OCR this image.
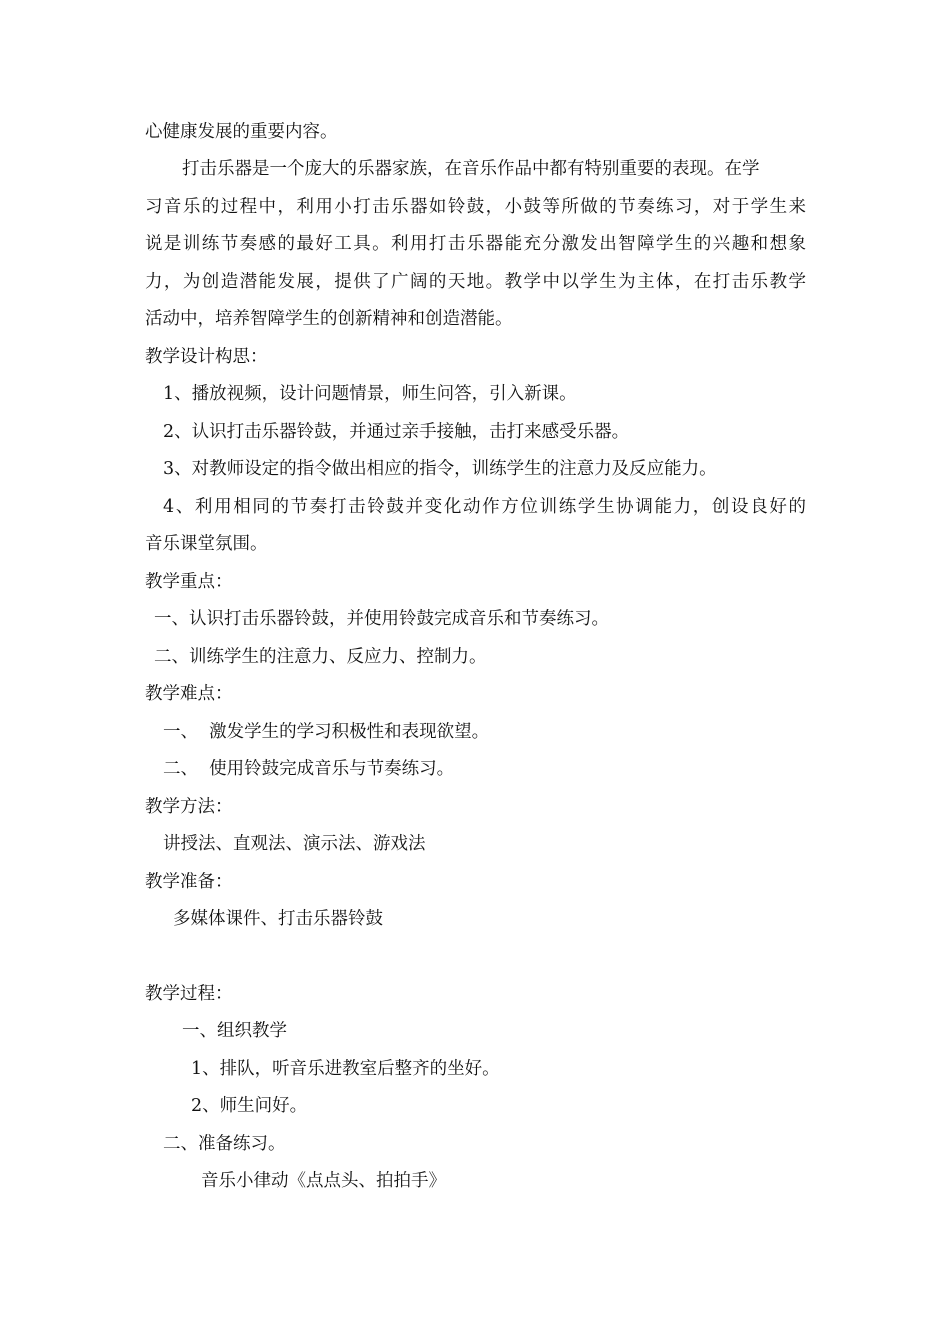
心健康发展的重要内容。
打击乐器是一个庞大的乐器家族，在音乐作品中都有特别重要的表现。在学
习音乐的过程中，利用小打击乐器如铃鼓，小鼓等所做的节奏练习，对于学生来
说是训练节奏感的最好工具。利用打击乐器能充分激发出智障学生的兴趣和想象
力，为创造潜能发展，提供了广阔的天地。教学中以学生为主体，在打击乐教学
活动中，培养智障学生的创新精神和创造潜能。
教学设计构思：
1、播放视频，设计问题情景，师生问答，引入新课。
2、认识打击乐器铃鼓，并通过亲手接触，击打来感受乐器。
3、对教师设定的指令做出相应的指令，训练学生的注意力及反应能力。
4、利用相同的节奏打击铃鼓并变化动作方位训练学生协调能力，创设良好的
音乐课堂氛围。
教学重点：
一、认识打击乐器铃鼓，并使用铃鼓完成音乐和节奏练习。
二、训练学生的注意力、反应力、控制力。
教学难点：
一、  激发学生的学习积极性和表现欲望。
二、  使用铃鼓完成音乐与节奏练习。
教学方法：
讲授法、直观法、演示法、游戏法
教学准备：
多媒体课件、打击乐器铃鼓
教学过程：
一、组织教学
1、排队，听音乐进教室后整齐的坐好。
2、师生问好。
二、准备练习。
音乐小律动《点点头、拍拍手》
